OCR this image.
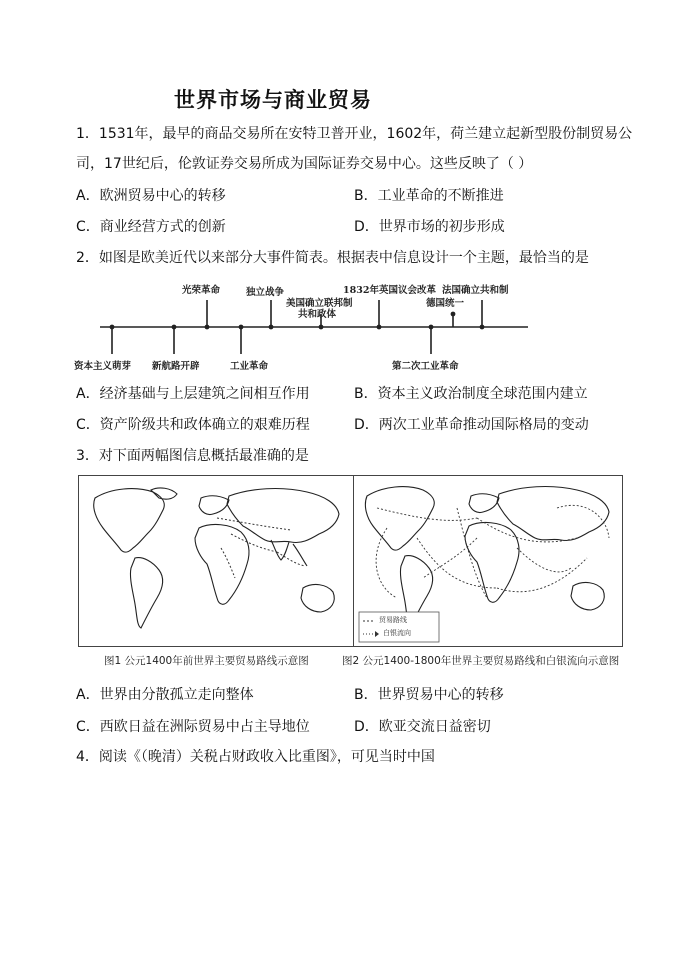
世界市场与商业贸易
1．1531年，最早的商品交易所在安特卫普开业，1602年，荷兰建立起新型股份制贸易公
司，17世纪后，伦敦证券交易所成为国际证券交易中心。这些反映了（ ）
A．欧洲贸易中心的转移	B．工业革命的不断推进
C．商业经营方式的创新	D．世界市场的初步形成
2．如图是欧美近代以来部分大事件简表。根据表中信息设计一个主题，最恰当的是
光荣革命	独立战争
美国确立联邦制
共和政体
1832年英国议会改革 法国确立共和制
德国统一
资本主义萌芽 新航路开辟	工业革命	第二次工业革命
A．经济基础与上层建筑之间相互作用	B．资本主义政治制度全球范围内建立
C．资产阶级共和政体确立的艰难历程	D．两次工业革命推动国际格局的变动
3．对下面两幅图信息概括最准确的是
贸易路线
白银流向
图1 公元1400年前世界主要贸易路线示意图	图2 公元1400-1800年世界主要贸易路线和白银流向示意图
A．世界由分散孤立走向整体	B．世界贸易中心的转移
C．西欧日益在洲际贸易中占主导地位	D．欧亚交流日益密切
4．阅读《（晚清）关税占财政收入比重图》，可见当时中国
